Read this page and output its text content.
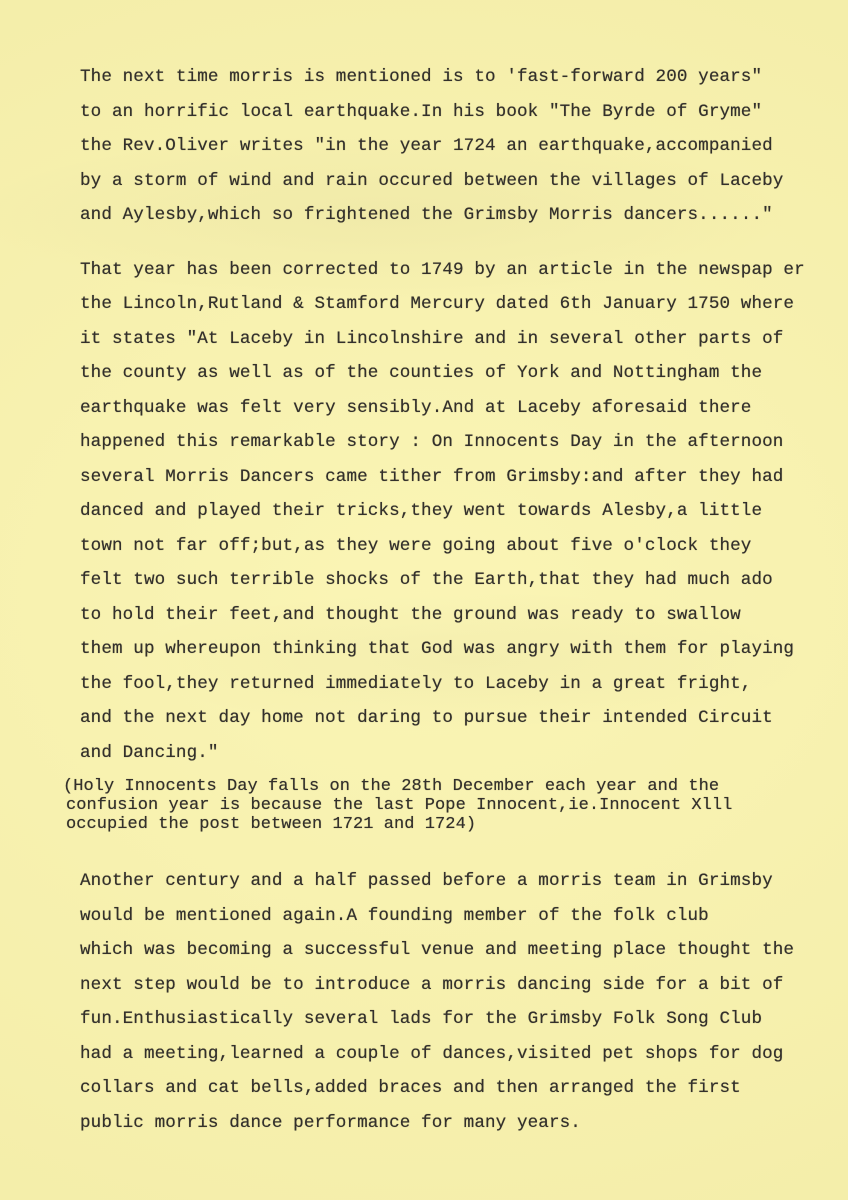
The next time morris is mentioned is to 'fast-forward 200 years"
to an horrific local earthquake.In his book "The Byrde of Gryme"
the Rev.Oliver writes "in the year 1724 an earthquake,accompanied
by a storm of wind and rain occured between the villages of Laceby
and Aylesby,which so frightened the Grimsby Morris dancers......"
That year has been corrected to 1749 by an article in the newspap er
the Lincoln,Rutland & Stamford Mercury dated 6th January 1750 where
it states "At Laceby in Lincolnshire and in several other parts of
the county as well as of the counties of York and Nottingham the
earthquake was felt very sensibly.And at Laceby aforesaid there
happened this remarkable story : On Innocents Day in the afternoon
several Morris Dancers came tither from Grimsby:and after they had
danced and played their tricks,they went towards Alesby,a little
town not far off;but,as they were going about five o'clock they
felt two such terrible shocks of the Earth,that they had much ado
to hold their feet,and thought the ground was ready to swallow
them up whereupon thinking that God was angry with them for playing
the fool,they returned immediately to Laceby in a great fright,
and the next day home not daring to pursue their intended Circuit
and Dancing."
(Holy Innocents Day falls on the 28th December each year and the
confusion year is because the last Pope Innocent,ie.Innocent Xlll
occupied the post between 1721 and 1724)
Another century and a half passed before a morris team in Grimsby
would be mentioned again.A founding member of the folk club
which was becoming a successful venue and meeting place thought the
next step would be to introduce a morris dancing side for a bit of
fun.Enthusiastically several lads for the Grimsby Folk Song Club
had a meeting,learned a couple of dances,visited pet shops for dog
collars and cat bells,added braces and then arranged the first
public morris dance performance for many years.
